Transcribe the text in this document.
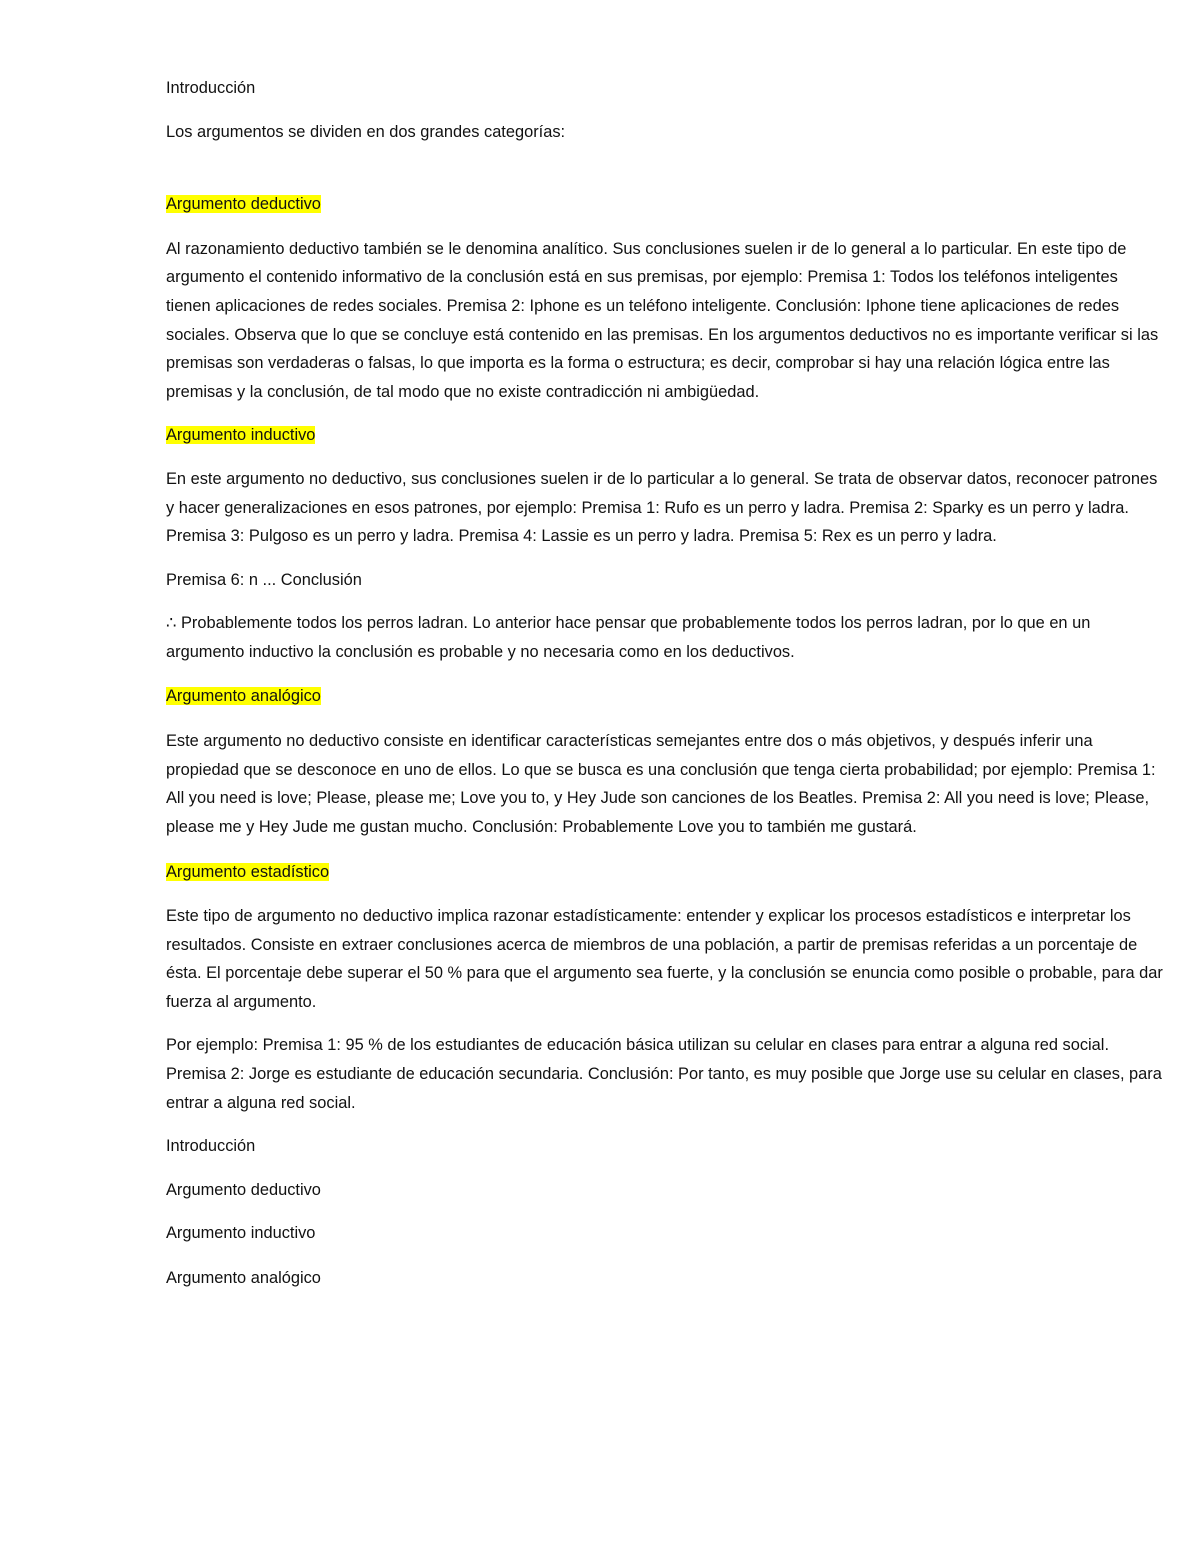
Introducción

Los argumentos se dividen en dos grandes categorías:

Argumento deductivo

Al razonamiento deductivo también se le denomina analítico. Sus conclusiones suelen ir de lo general a lo particular. En este tipo de argumento el contenido informativo de la conclusión está en sus premisas, por ejemplo: Premisa 1: Todos los teléfonos inteligentes tienen aplicaciones de redes sociales. Premisa 2: Iphone es un teléfono inteligente. Conclusión: Iphone tiene aplicaciones de redes sociales. Observa que lo que se concluye está contenido en las premisas. En los argumentos deductivos no es importante verificar si las premisas son verdaderas o falsas, lo que importa es la forma o estructura; es decir, comprobar si hay una relación lógica entre las premisas y la conclusión, de tal modo que no existe contradicción ni ambigüedad.

Argumento inductivo

En este argumento no deductivo, sus conclusiones suelen ir de lo particular a lo general. Se trata de observar datos, reconocer patrones y hacer generalizaciones en esos patrones, por ejemplo: Premisa 1: Rufo es un perro y ladra. Premisa 2: Sparky es un perro y ladra. Premisa 3: Pulgoso es un perro y ladra. Premisa 4: Lassie es un perro y ladra. Premisa 5: Rex es un perro y ladra.

Premisa 6: n ... Conclusión

∴ Probablemente todos los perros ladran. Lo anterior hace pensar que probablemente todos los perros ladran, por lo que en un argumento inductivo la conclusión es probable y no necesaria como en los deductivos.

Argumento analógico

Este argumento no deductivo consiste en identificar características semejantes entre dos o más objetivos, y después inferir una propiedad que se desconoce en uno de ellos. Lo que se busca es una conclusión que tenga cierta probabilidad; por ejemplo: Premisa 1: All you need is love; Please, please me; Love you to, y Hey Jude son canciones de los Beatles. Premisa 2: All you need is love; Please, please me y Hey Jude me gustan mucho. Conclusión: Probablemente Love you to también me gustará.

Argumento estadístico

Este tipo de argumento no deductivo implica razonar estadísticamente: entender y explicar los procesos estadísticos e interpretar los resultados. Consiste en extraer conclusiones acerca de miembros de una población, a partir de premisas referidas a un porcentaje de ésta. El porcentaje debe superar el 50 % para que el argumento sea fuerte, y la conclusión se enuncia como posible o probable, para dar fuerza al argumento.

Por ejemplo: Premisa 1: 95 % de los estudiantes de educación básica utilizan su celular en clases para entrar a alguna red social. Premisa 2: Jorge es estudiante de educación secundaria. Conclusión: Por tanto, es muy posible que Jorge use su celular en clases, para entrar a alguna red social.

Introducción

Argumento deductivo

Argumento inductivo

Argumento analógico
